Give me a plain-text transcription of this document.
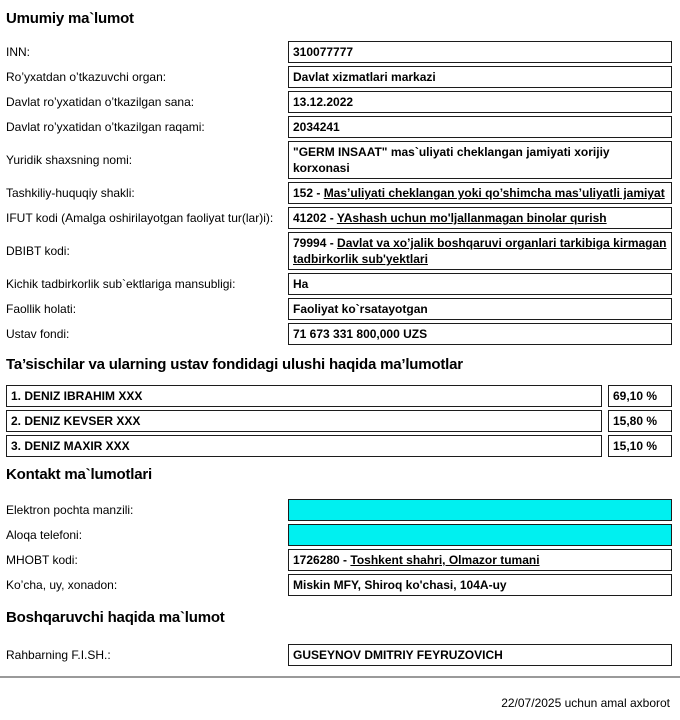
Umumiy ma`lumot
INN:	310077777
Ro’yxatdan o’tkazuvchi organ:	Davlat xizmatlari markazi
Davlat ro’yxatidan o’tkazilgan sana:	13.12.2022
Davlat ro’yxatidan o’tkazilgan raqami:	2034241
Yuridik shaxsning nomi:
"GERM INSAAT" mas`uliyati cheklangan jamiyati xorijiy korxonasi
Tashkiliy-huquqiy shakli:	152 - Mas’uliyati cheklangan yoki qo’shimcha mas’uliyatli jamiyat
IFUT kodi (Amalga oshirilayotgan faoliyat tur(lar)i):	41202 - YAshash uchun mo'ljallanmagan binolar qurish
DBIBT kodi:
79994 - Davlat va xo’jalik boshqaruvi organlari tarkibiga kirmagan tadbirkorlik sub'yektlari
Kichik tadbirkorlik sub`ektlariga mansubligi:	Ha
Faollik holati:	Faoliyat ko`rsatayotgan
Ustav fondi:	71 673 331 800,000 UZS
Ta’sischilar va ularning ustav fondidagi ulushi haqida ma’lumotlar
1. DENIZ IBRAHIM XXX	69,10 %
2. DENIZ KEVSER XXX	15,80 %
3. DENIZ MAXIR XXX	15,10 %
Kontakt ma`lumotlari
Elektron pochta manzili:
Aloqa telefoni:
MHOBT kodi:	1726280 - Toshkent shahri, Olmazor tumani
Ko’cha, uy, xonadon:	Miskin MFY, Shiroq ko'chasi, 104A-uy
Boshqaruvchi haqida ma`lumot
Rahbarning F.I.SH.:	GUSEYNOV DMITRIY FEYRUZOVICH
22/07/2025 uchun amal axborot
